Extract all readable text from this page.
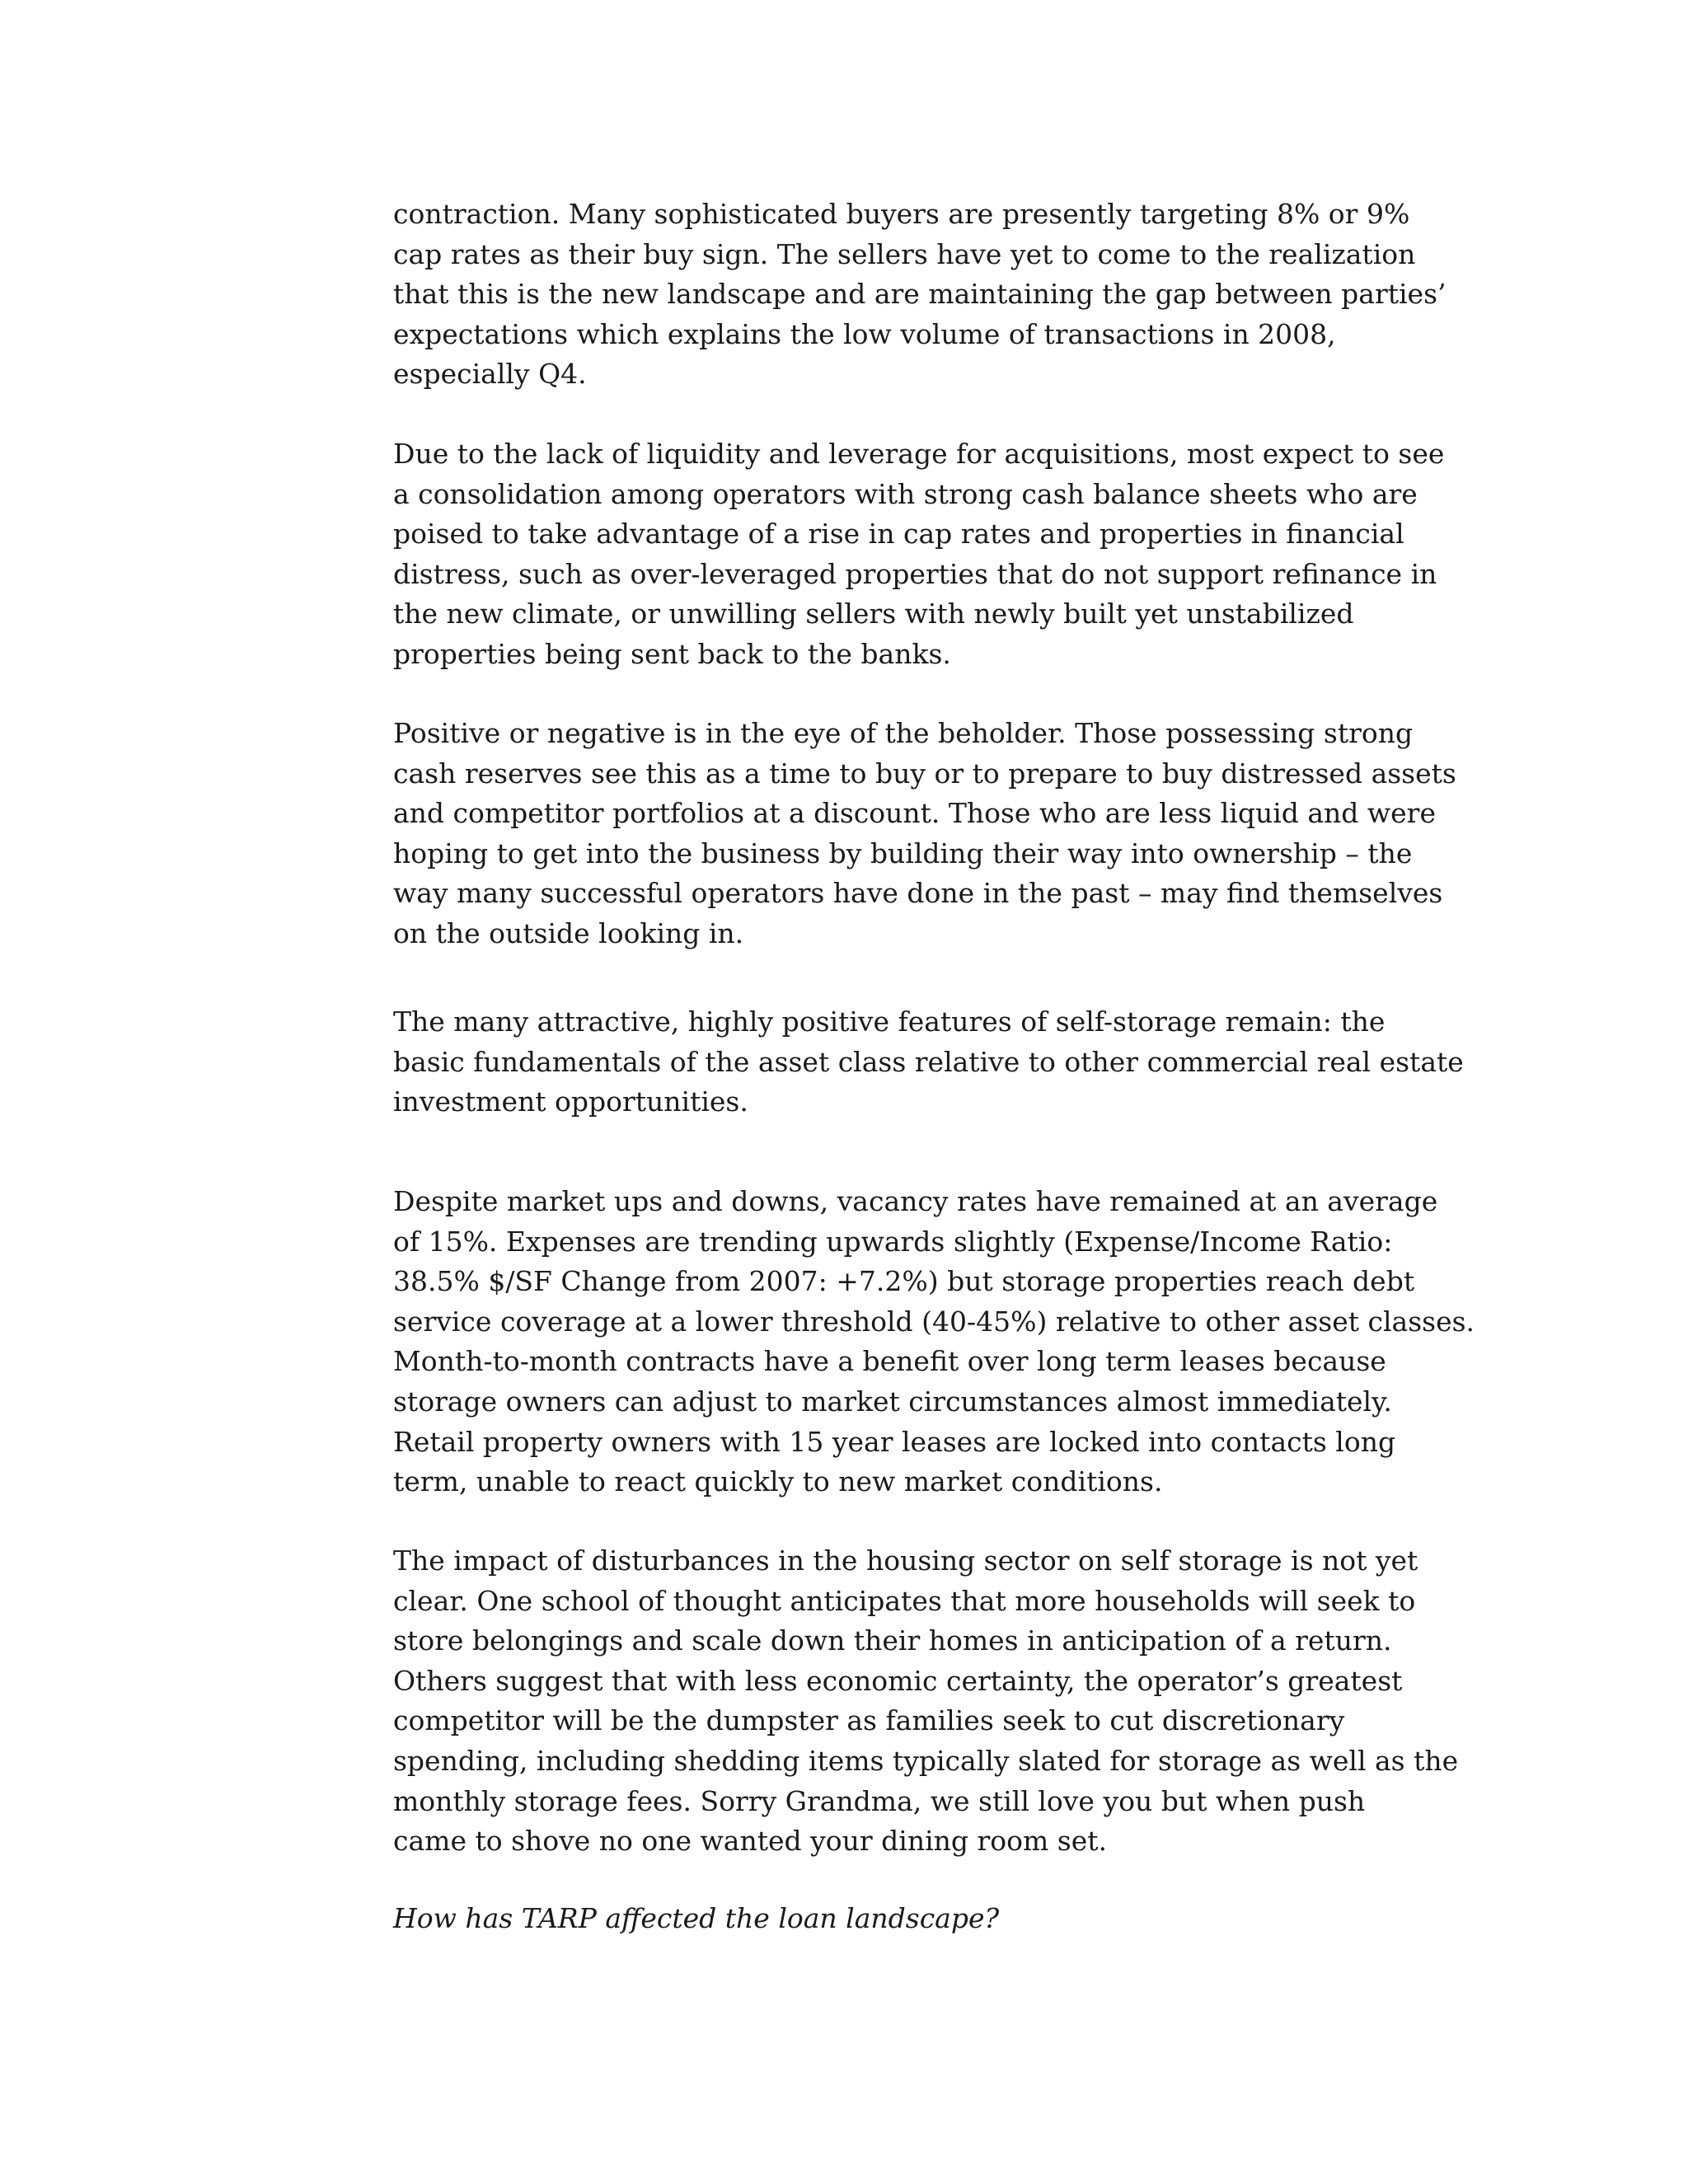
contraction. Many sophisticated buyers are presently targeting 8% or 9%
cap rates as their buy sign. The sellers have yet to come to the realization
that this is the new landscape and are maintaining the gap between parties’
expectations which explains the low volume of transactions in 2008,
especially Q4.
Due to the lack of liquidity and leverage for acquisitions, most expect to see
a consolidation among operators with strong cash balance sheets who are
poised to take advantage of a rise in cap rates and properties in financial
distress, such as over-leveraged properties that do not support refinance in
the new climate, or unwilling sellers with newly built yet unstabilized
properties being sent back to the banks.
Positive or negative is in the eye of the beholder. Those possessing strong
cash reserves see this as a time to buy or to prepare to buy distressed assets
and competitor portfolios at a discount. Those who are less liquid and were
hoping to get into the business by building their way into ownership – the
way many successful operators have done in the past – may find themselves
on the outside looking in.
The many attractive, highly positive features of self-storage remain: the
basic fundamentals of the asset class relative to other commercial real estate
investment opportunities.
Despite market ups and downs, vacancy rates have remained at an average
of 15%. Expenses are trending upwards slightly (Expense/Income Ratio:
38.5% $/SF Change from 2007: +7.2%) but storage properties reach debt
service coverage at a lower threshold (40-45%) relative to other asset classes.
Month-to-month contracts have a benefit over long term leases because
storage owners can adjust to market circumstances almost immediately.
Retail property owners with 15 year leases are locked into contacts long
term, unable to react quickly to new market conditions.
The impact of disturbances in the housing sector on self storage is not yet
clear. One school of thought anticipates that more households will seek to
store belongings and scale down their homes in anticipation of a return.
Others suggest that with less economic certainty, the operator’s greatest
competitor will be the dumpster as families seek to cut discretionary
spending, including shedding items typically slated for storage as well as the
monthly storage fees. Sorry Grandma, we still love you but when push
came to shove no one wanted your dining room set.
How has TARP affected the loan landscape?
